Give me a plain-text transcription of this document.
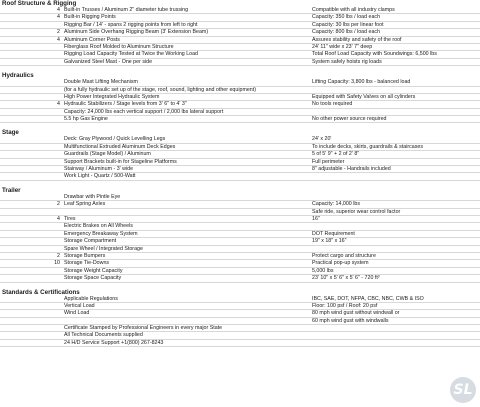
Roof Structure & Rigging
4 Built-in Trusses / Aluminum 2" diameter tube trussing	Compatible with all industry clamps
4 Built-in Rigging Points	Capacity: 350 lbs / load each
Rigging Bar / 14' - spans 2 rigging points from left to right	Capacity: 30 lbs per linear foot
2 Aluminum Side Overhang Rigging Beam (3' Extension Beam)	Capacity: 800 lbs / load each
4 Aluminum Corner Posts	Assures stability and safety of the roof
Fiberglass Roof Molded to Aluminum Structure	24' 11" wide x 23' 7" deep
Rigging Load Capacity Tested at Twice the Working Load	Total Roof Load Capacity with Soundwings: 6,500 lbs
Galvanized Steel Mast - One per side	System safely hoists rig loads
Hydraulics
Double Mast Lifting Mechanism	Lifting Capacity: 3,800 lbs - balanced load
(for a fully hydraulic set up of the stage, roof, sound, lighting and other equipment)
High Power Integrated Hydraulic System	Equipped with Safety Valves on all cylinders
4 Hydraulic Stabilizers / Stage levels from 3' 6" to 4' 3"	No tools required
Capacity: 24,000 lbs each vertical support / 2,000 lbs lateral support
5.5 hp Gas Engine	No other power source required
Stage
Deck: Gray Plywood / Quick Levelling Legs	24' x 20'
Multifunctional Extruded Aluminum Deck Edges	To include decks, skirts, guardrails & staircases
Guardrails (Stage Model) / Aluminum	5 of 5' 9" + 2 of 2' 8"
Support Brackets built-in for Stageline Platforms	Full perimeter
Stairway / Aluminum - 3' wide	8" adjustable - Handrails included
Work Light - Quartz / 500-Watt
Trailer
Drawbar with Pintle Eye
2 Leaf Spring Axles	Capacity: 14,000 lbs
Safe ride, superior wear control factor
4 Tires	16"
Electric Brakes on All Wheels
Emergency Breakaway System	DOT Requirement
Storage Compartment	19" x 18" x 16"
Spare Wheel / Integrated Storage
2 Storage Bumpers	Protect cargo and structure
10 Storage Tie-Downs	Practical pop-up system
Storage Weight Capacity	5,000 lbs
Storage Space Capacity	23' 10" x 5' 6" x 5' 6" - 720 ft³
Standards & Certifications
Applicable Regulations	IBC, SAE, DOT, NFPA, CBC, NBC, CWB & ISO
Vertical Load	Floor: 100 psf / Roof: 20 psf
Wind Load	80 mph wind gust without windwall or
60 mph wind gust with windwalls
Certificate Stamped by Professional Engineers in every major State
All Technical Documents supplied
24 H/D Service Support +1(800) 267-8243
SL
